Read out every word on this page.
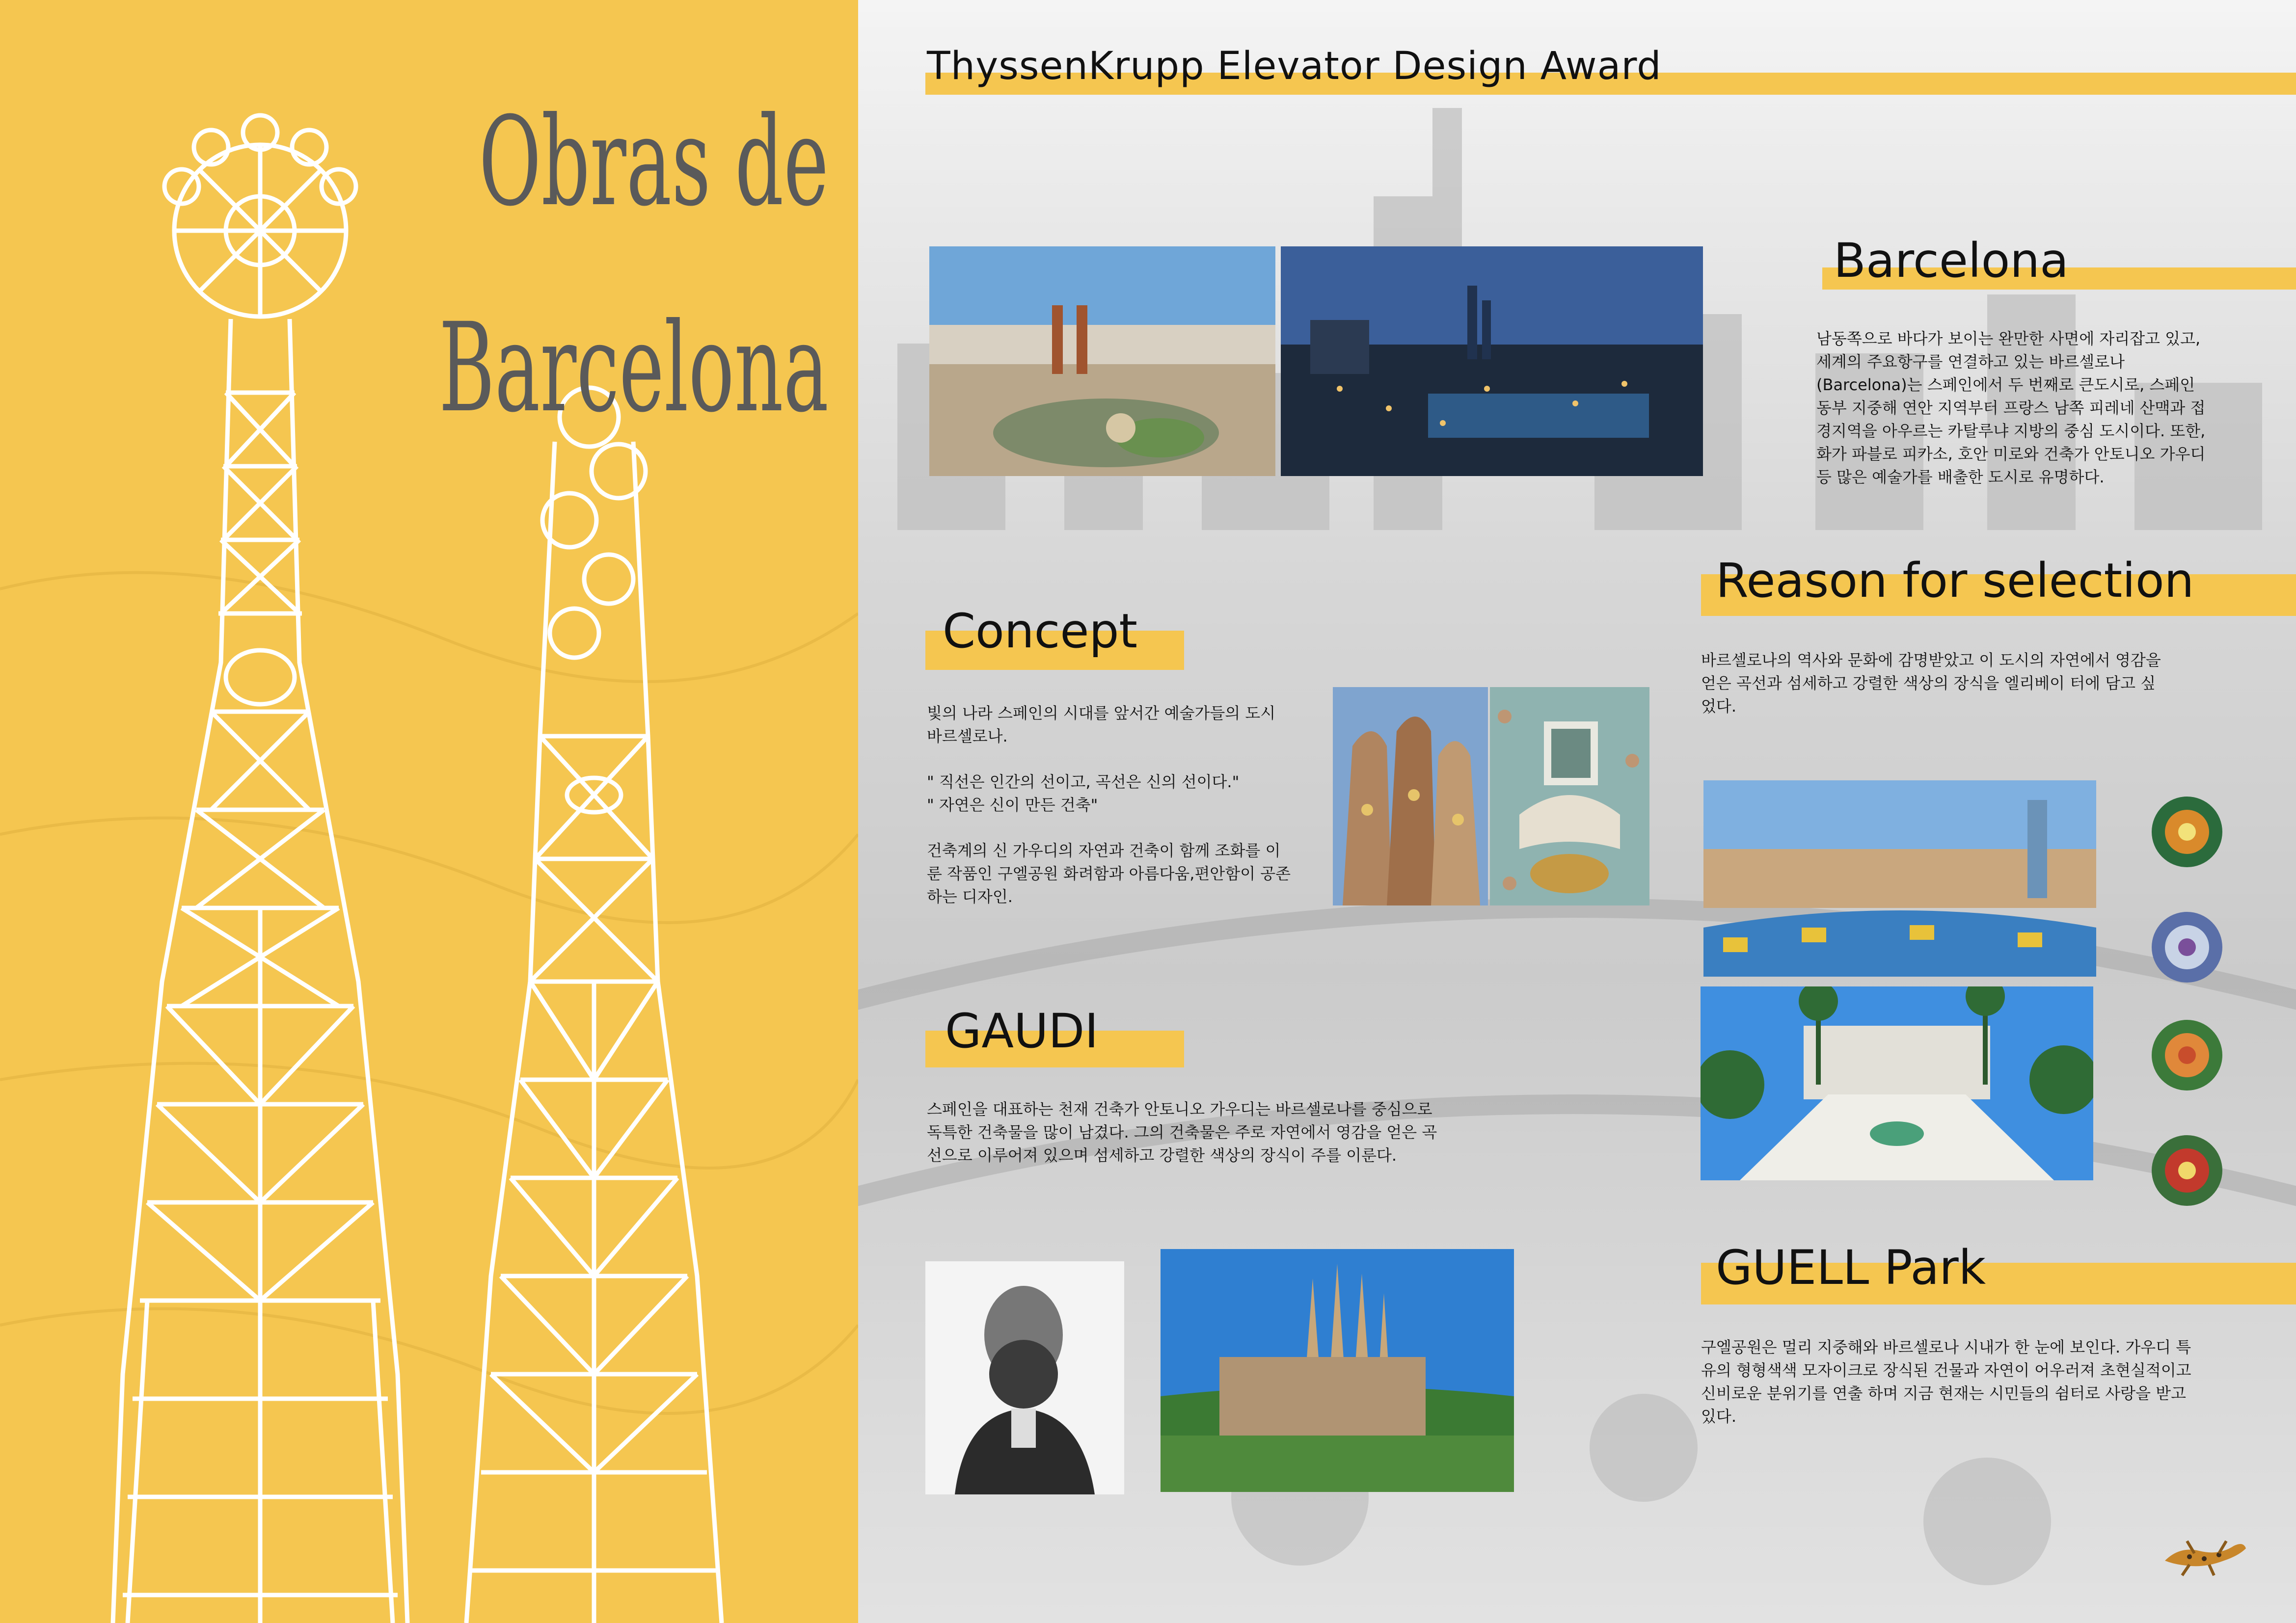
Obras de
Barcelona
ThyssenKrupp Elevator Design Award
Barcelona
남동쪽으로 바다가 보이는 완만한 사면에 자리잡고 있고,세계의 주요항구를 연결하고 있는 바르셀로나(Barcelona)는 스페인에서 두 번째로 큰도시로, 스페인 동부 지중해 연안 지역부터 프랑스 남쪽 피레네 산맥과 접경지역을 아우르는 카탈루냐 지방의 중심 도시이다. 또한, 화가 파블로 피카소, 호안 미로와 건축가 안토니오 가우디 등 많은 예술가를 배출한 도시로 유명하다.
Reason for selection
바르셀로나의 역사와 문화에 감명받았고 이 도시의 자연에서 영감을 얻은 곡선과 섬세하고 강렬한 색상의 장식을 엘리베이 터에 담고 싶었다.
Concept

빛의 나라 스페인의 시대를 앞서간 예술가들의 도시 바르셀로나.

" 직선은 인간의 선이고, 곡선은 신의 선이다."

" 자연은 신이 만든 건축"

건축계의 신 가우디의 자연과 건축이 함께 조화를 이룬 작품인 구엘공원 화려함과 아름다움,편안함이 공존하는 디자인.

GAUDI
스페인을 대표하는 천재 건축가 안토니오 가우디는 바르셀로나를 중심으로 독특한 건축물을 많이 남겼다. 그의 건축물은 주로 자연에서 영감을 얻은 곡선으로 이루어져 있으며 섬세하고 강렬한 색상의 장식이 주를 이룬다.
GUELL Park
구엘공원은 멀리 지중해와 바르셀로나 시내가 한 눈에 보인다. 가우디 특유의 형형색색 모자이크로 장식된 건물과 자연이 어우러져 초현실적이고 신비로운 분위기를 연출 하며 지금 현재는 시민들의 쉼터로 사랑을 받고 있다.
